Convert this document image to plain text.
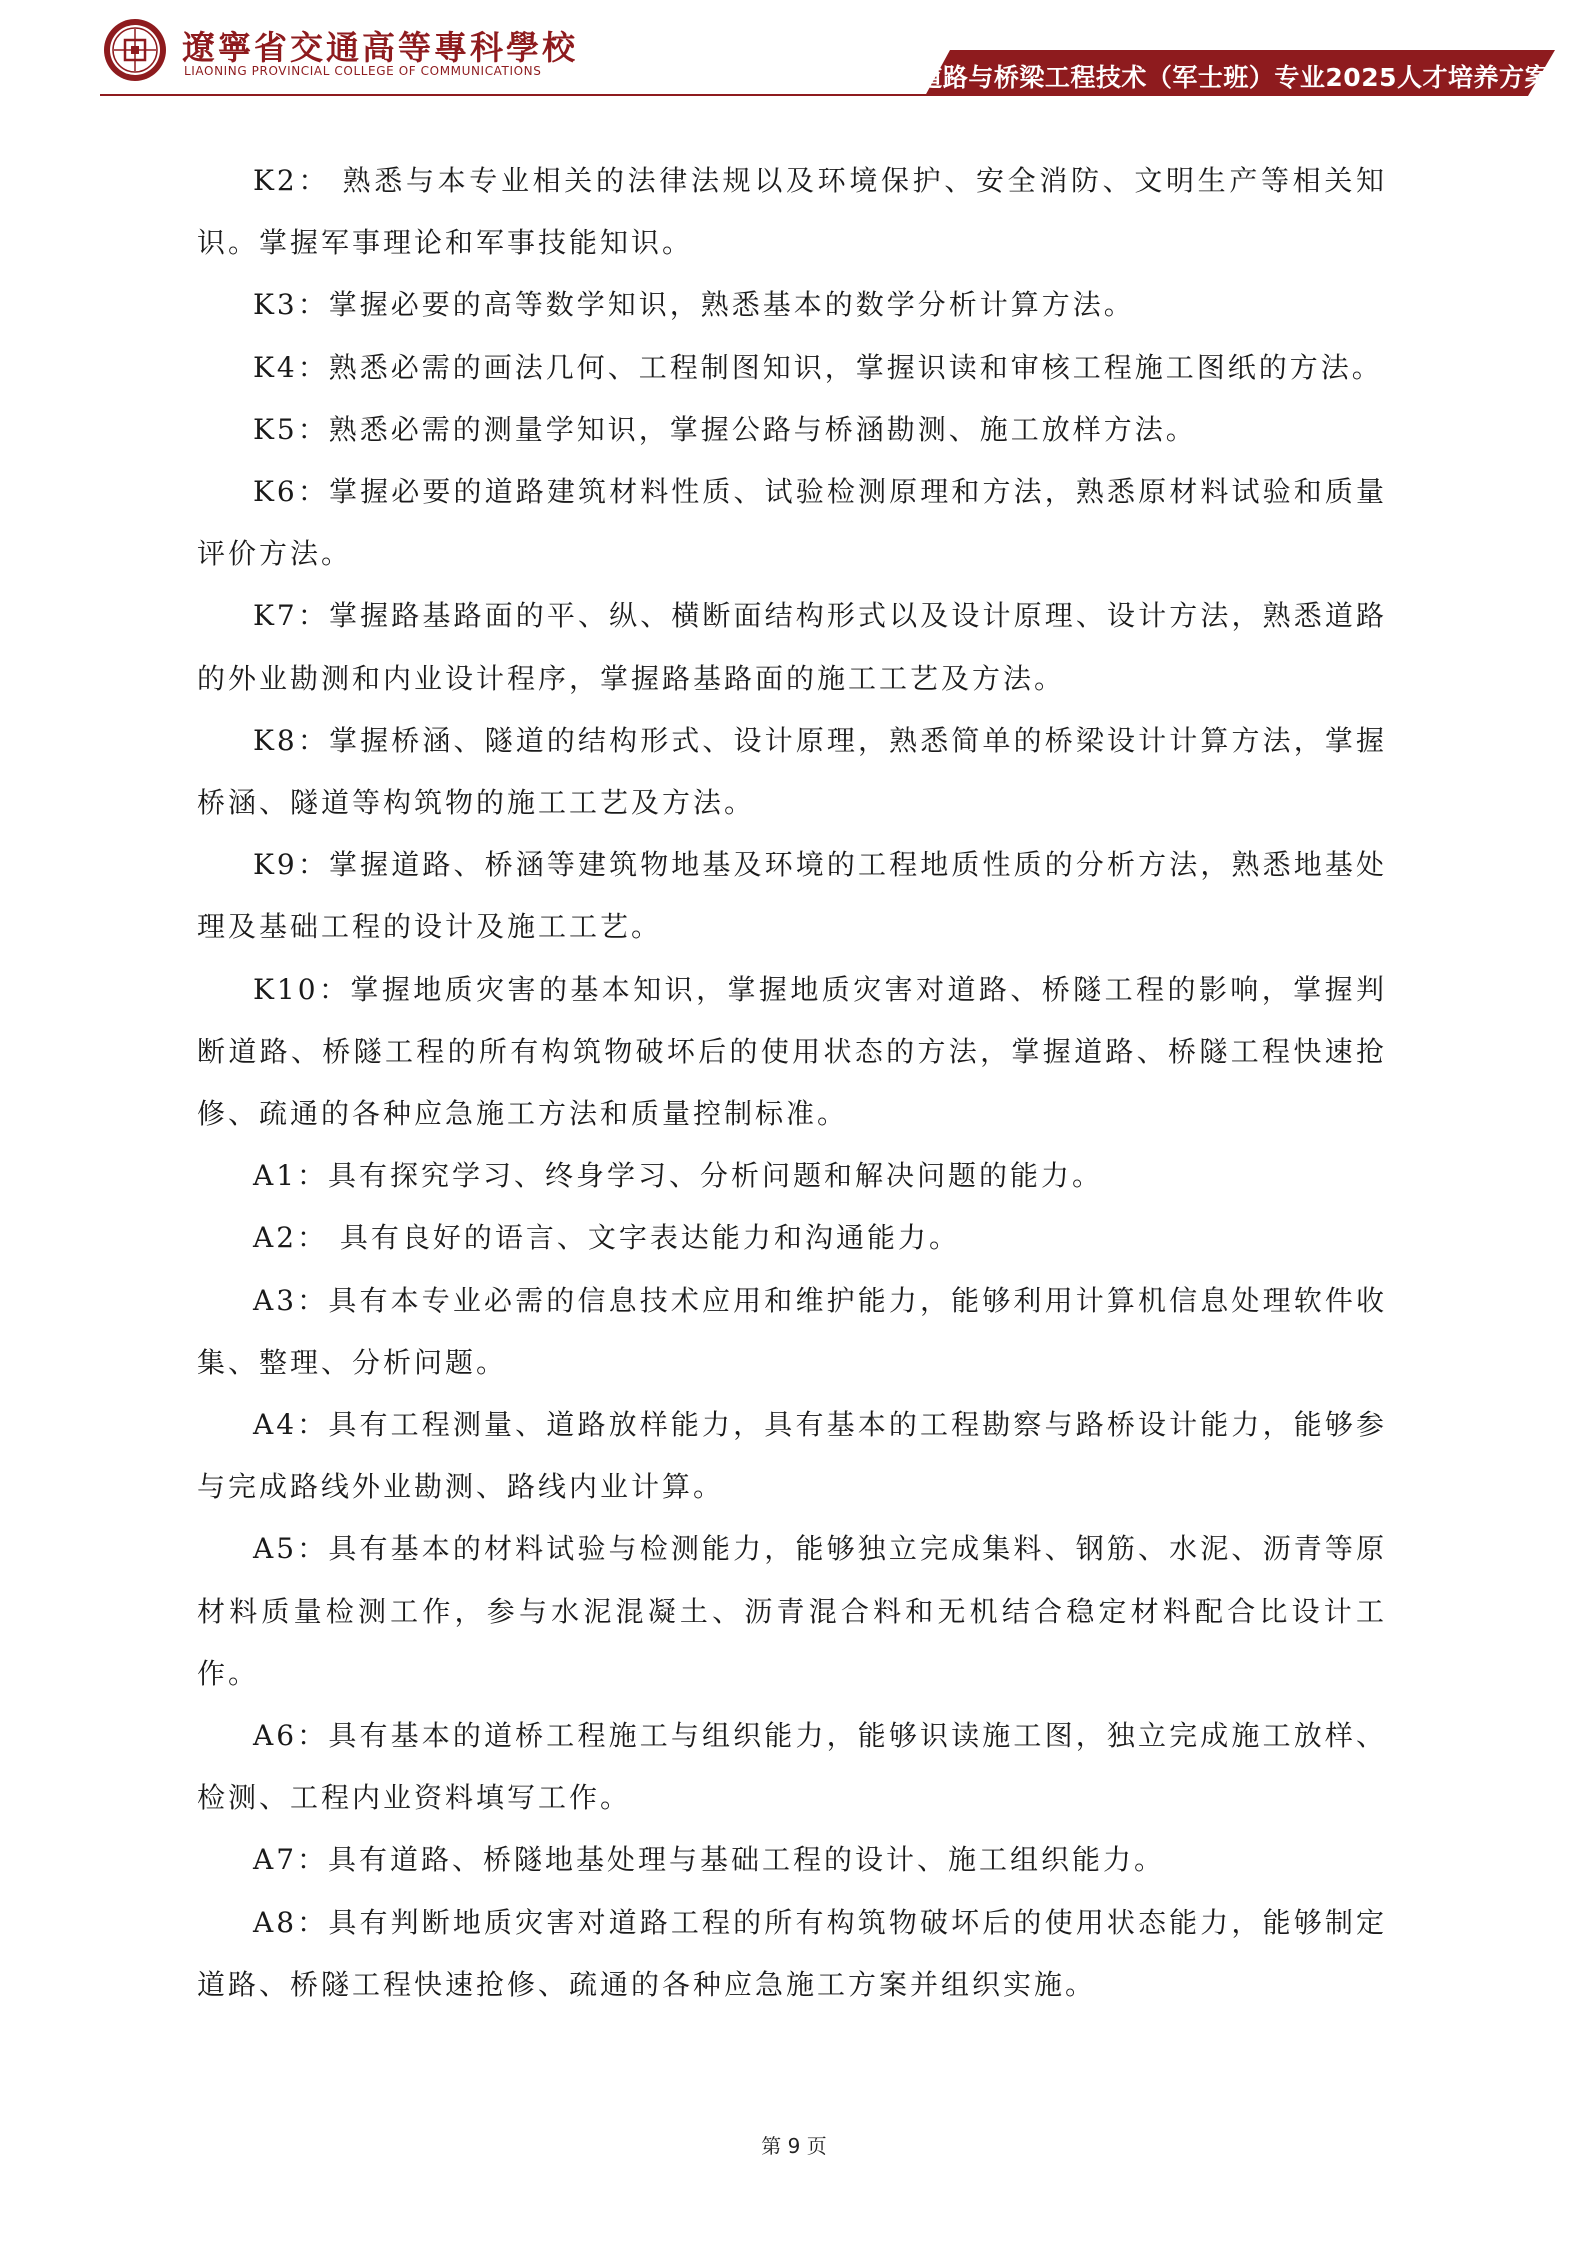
遼寧省交通高等專科學校
LIAONING PROVINCIAL COLLEGE OF COMMUNICATIONS	道路与桥梁工程技术（军士班）专业2025人才培养方案

K2： 熟悉与本专业相关的法律法规以及环境保护、安全消防、文明生产等相关知识。掌握军事理论和军事技能知识。

K3：掌握必要的高等数学知识，熟悉基本的数学分析计算方法。

K4：熟悉必需的画法几何、工程制图知识，掌握识读和审核工程施工图纸的方法。

K5：熟悉必需的测量学知识，掌握公路与桥涵勘测、施工放样方法。

K6：掌握必要的道路建筑材料性质、试验检测原理和方法，熟悉原材料试验和质量评价方法。

K7：掌握路基路面的平、纵、横断面结构形式以及设计原理、设计方法，熟悉道路的外业勘测和内业设计程序，掌握路基路面的施工工艺及方法。

K8：掌握桥涵、隧道的结构形式、设计原理，熟悉简单的桥梁设计计算方法，掌握桥涵、隧道等构筑物的施工工艺及方法。

K9：掌握道路、桥涵等建筑物地基及环境的工程地质性质的分析方法，熟悉地基处理及基础工程的设计及施工工艺。

K10：掌握地质灾害的基本知识，掌握地质灾害对道路、桥隧工程的影响，掌握判断道路、桥隧工程的所有构筑物破坏后的使用状态的方法，掌握道路、桥隧工程快速抢修、疏通的各种应急施工方法和质量控制标准。

A1：具有探究学习、终身学习、分析问题和解决问题的能力。

A2： 具有良好的语言、文字表达能力和沟通能力。

A3：具有本专业必需的信息技术应用和维护能力，能够利用计算机信息处理软件收集、整理、分析问题。

A4：具有工程测量、道路放样能力，具有基本的工程勘察与路桥设计能力，能够参与完成路线外业勘测、路线内业计算。

A5：具有基本的材料试验与检测能力，能够独立完成集料、钢筋、水泥、沥青等原材料质量检测工作，参与水泥混凝土、沥青混合料和无机结合稳定材料配合比设计工作。

A6：具有基本的道桥工程施工与组织能力，能够识读施工图，独立完成施工放样、检测、工程内业资料填写工作。

A7：具有道路、桥隧地基处理与基础工程的设计、施工组织能力。

A8：具有判断地质灾害对道路工程的所有构筑物破坏后的使用状态能力，能够制定道路、桥隧工程快速抢修、疏通的各种应急施工方案并组织实施。

第 9 页
